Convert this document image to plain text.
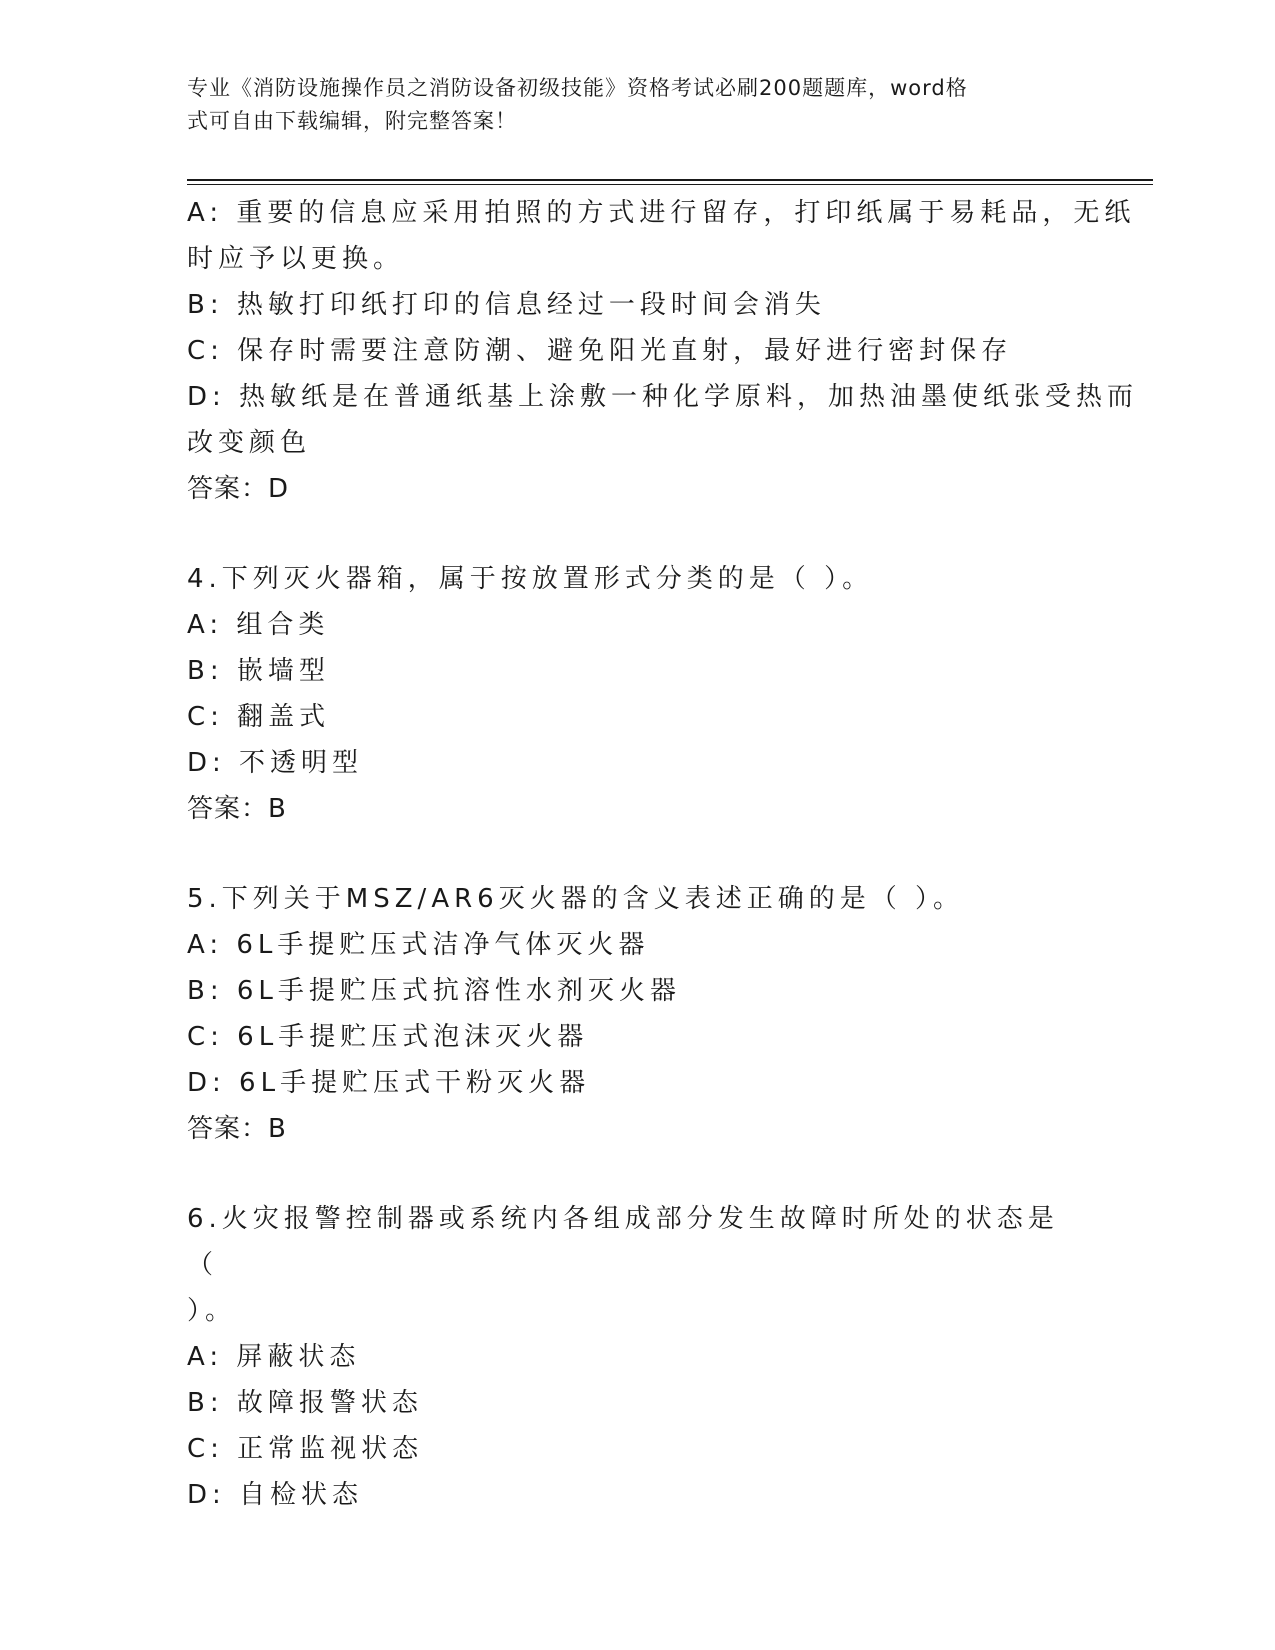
专业《消防设施操作员之消防设备初级技能》资格考试必刷200题题库，word格
式可自由下载编辑，附完整答案！
A: 重要的信息应采用拍照的方式进行留存，打印纸属于易耗品，无纸
时应予以更换。
B: 热敏打印纸打印的信息经过一段时间会消失
C: 保存时需要注意防潮、避免阳光直射，最好进行密封保存
D: 热敏纸是在普通纸基上涂敷一种化学原料，加热油墨使纸张受热而
改变颜色
答案：D
4.下列灭火器箱，属于按放置形式分类的是（ ）。
A: 组合类
B: 嵌墙型
C: 翻盖式
D: 不透明型
答案：B
5.下列关于MSZ/AR6灭火器的含义表述正确的是（ ）。
A: 6L手提贮压式洁净气体灭火器
B: 6L手提贮压式抗溶性水剂灭火器
C: 6L手提贮压式泡沫灭火器
D: 6L手提贮压式干粉灭火器
答案：B
6.火灾报警控制器或系统内各组成部分发生故障时所处的状态是（
）。
A: 屏蔽状态
B: 故障报警状态
C: 正常监视状态
D: 自检状态
